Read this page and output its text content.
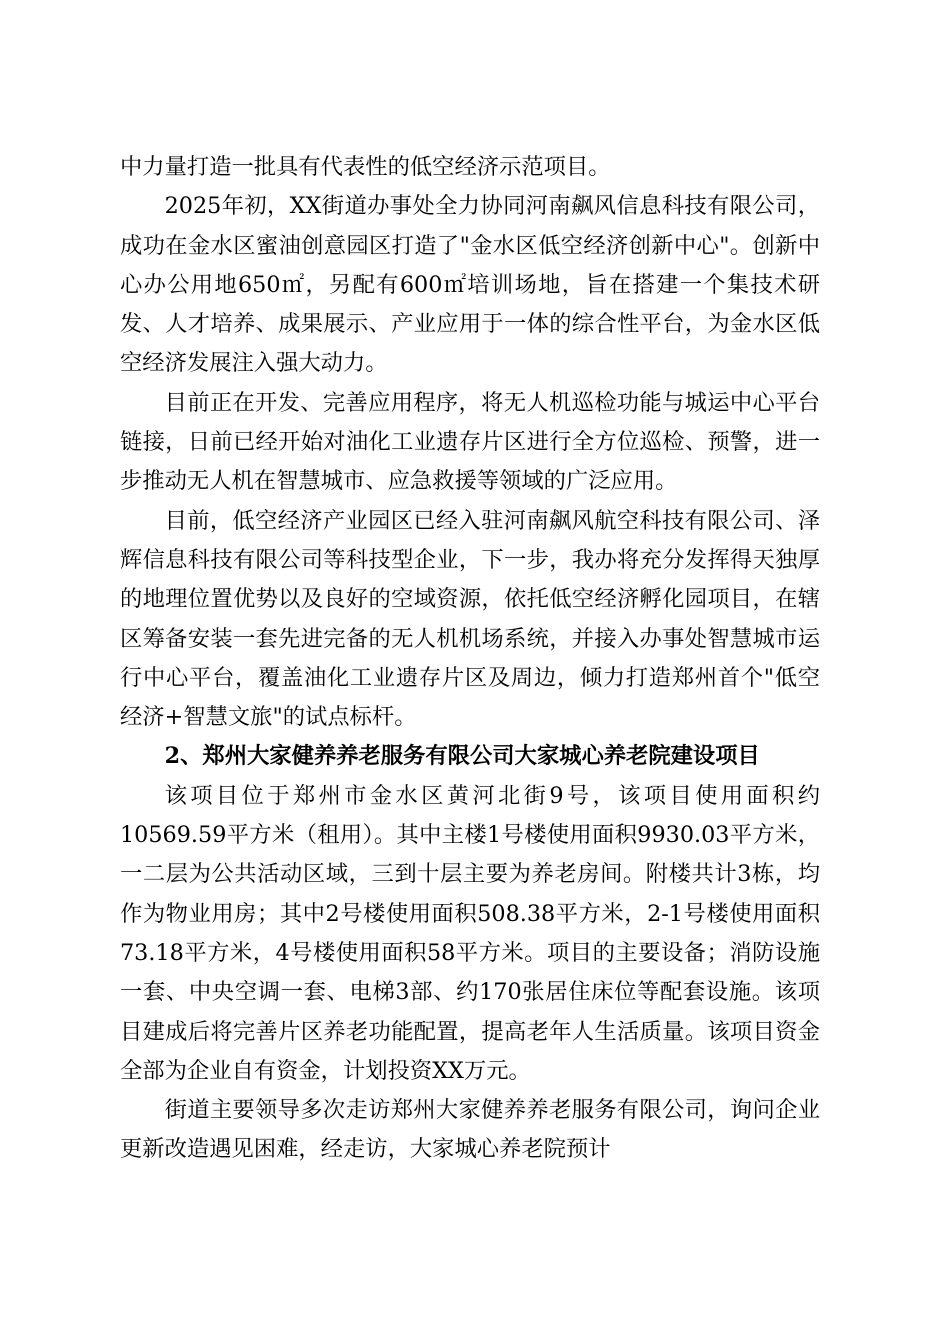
中力量打造一批具有代表性的低空经济示范项目。

2025年初，XX街道办事处全力协同河南飙风信息科技有限公司，成功在金水区蜜油创意园区打造了"金水区低空经济创新中心"。创新中心办公用地650㎡，另配有600㎡培训场地，旨在搭建一个集技术研发、人才培养、成果展示、产业应用于一体的综合性平台，为金水区低空经济发展注入强大动力。

目前正在开发、完善应用程序，将无人机巡检功能与城运中心平台链接，日前已经开始对油化工业遗存片区进行全方位巡检、预警，进一步推动无人机在智慧城市、应急救援等领域的广泛应用。

目前，低空经济产业园区已经入驻河南飙风航空科技有限公司、泽辉信息科技有限公司等科技型企业，下一步，我办将充分发挥得天独厚的地理位置优势以及良好的空域资源，依托低空经济孵化园项目，在辖区筹备安装一套先进完备的无人机机场系统，并接入办事处智慧城市运行中心平台，覆盖油化工业遗存片区及周边，倾力打造郑州首个"低空经济+智慧文旅"的试点标杆。

2、郑州大家健养养老服务有限公司大家城心养老院建设项目

该项目位于郑州市金水区黄河北街9号，该项目使用面积约10569.59平方米（租用）。其中主楼1号楼使用面积9930.03平方米，一二层为公共活动区域，三到十层主要为养老房间。附楼共计3栋，均作为物业用房；其中2号楼使用面积508.38平方米，2-1号楼使用面积73.18平方米，4号楼使用面积58平方米。项目的主要设备；消防设施一套、中央空调一套、电梯3部、约170张居住床位等配套设施。该项目建成后将完善片区养老功能配置，提高老年人生活质量。该项目资金全部为企业自有资金，计划投资XX万元。

街道主要领导多次走访郑州大家健养养老服务有限公司，询问企业更新改造遇见困难，经走访，大家城心养老院预计
